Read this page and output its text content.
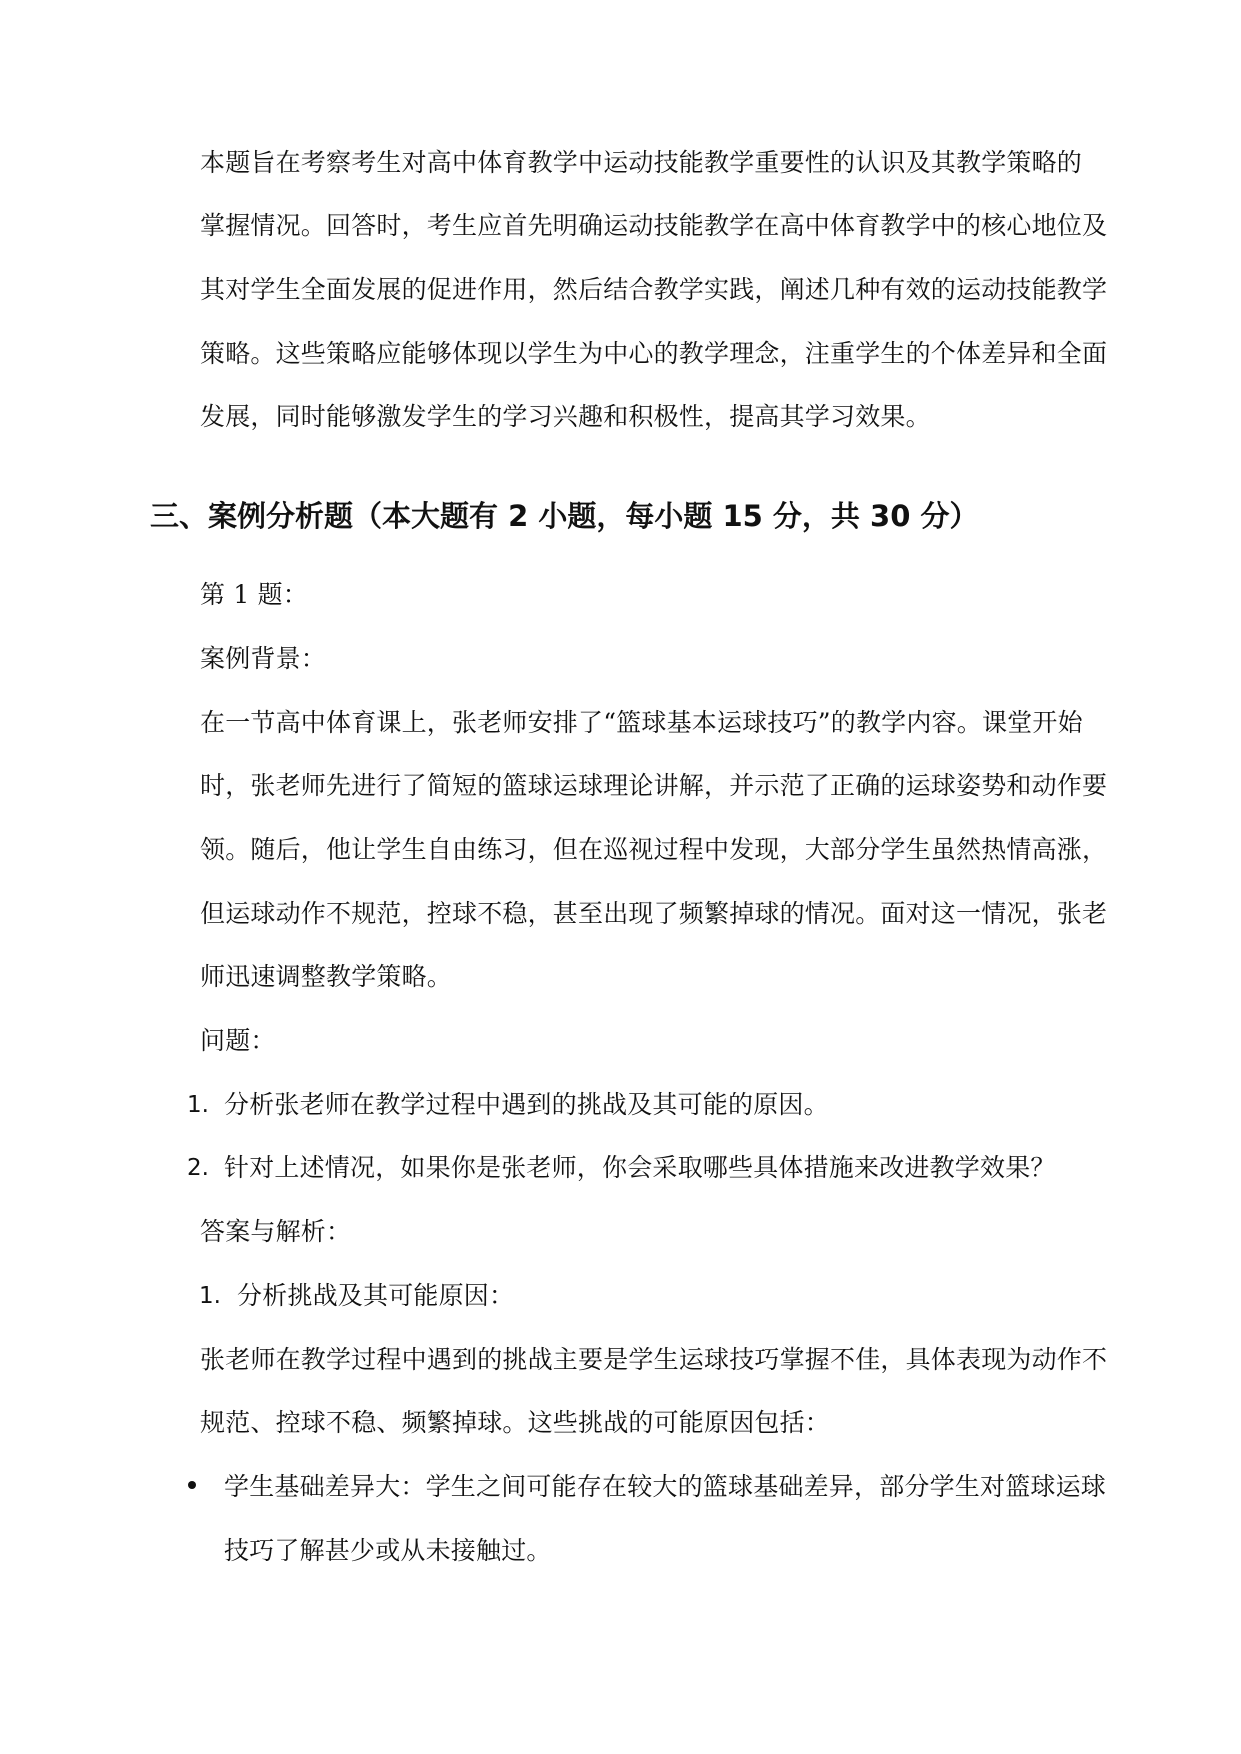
本题旨在考察考生对高中体育教学中运动技能教学重要性的认识及其教学策略的
掌握情况。回答时，考生应首先明确运动技能教学在高中体育教学中的核心地位及
其对学生全面发展的促进作用，然后结合教学实践，阐述几种有效的运动技能教学
策略。这些策略应能够体现以学生为中心的教学理念，注重学生的个体差异和全面
发展，同时能够激发学生的学习兴趣和积极性，提高其学习效果。
三、案例分析题（本大题有 2 小题，每小题 15 分，共 30 分）
第 1 题：
案例背景：
在一节高中体育课上，张老师安排了“篮球基本运球技巧”的教学内容。课堂开始
时，张老师先进行了简短的篮球运球理论讲解，并示范了正确的运球姿势和动作要
领。随后，他让学生自由练习，但在巡视过程中发现，大部分学生虽然热情高涨，
但运球动作不规范，控球不稳，甚至出现了频繁掉球的情况。面对这一情况，张老
师迅速调整教学策略。
问题：
1. 分析张老师在教学过程中遇到的挑战及其可能的原因。
2. 针对上述情况，如果你是张老师，你会采取哪些具体措施来改进教学效果？
答案与解析：
1. 分析挑战及其可能原因：
张老师在教学过程中遇到的挑战主要是学生运球技巧掌握不佳，具体表现为动作不
规范、控球不稳、频繁掉球。这些挑战的可能原因包括：
学生基础差异大：学生之间可能存在较大的篮球基础差异，部分学生对篮球运球
技巧了解甚少或从未接触过。
